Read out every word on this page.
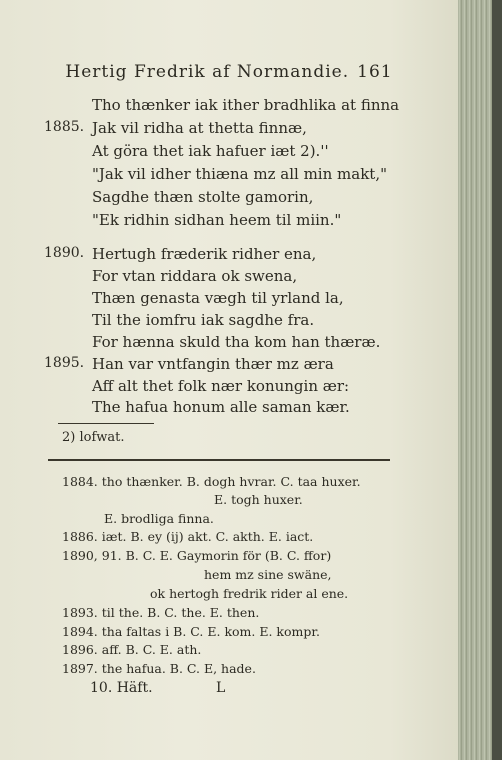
Hertig Fredrik af Normandie. 161
Tho thænker iak ither bradhlika at finna
1885. Jak vil ridha at thetta finnæ,
At göra thet iak hafuer iæt 2).''
"Jak vil idher thiæna mz all min makt,"
Sagdhe thæn stolte gamorin,
"Ek ridhin sidhan heem til miin."
1890. Hertugh fræderik ridher ena,
For vtan riddara ok swena,
Thæn genasta vægh til yrland la,
Til the iomfru iak sagdhe fra.
For hænna skuld tha kom han thæræ.
1895. Han var vntfangin thær mz æra
Aff alt thet folk nær konungin ær:
The hafua honum alle saman kær.
2) lofwat.
1884. tho thænker. B. dogh hvrar. C. taa huxer.
E. togh huxer.
E. brodliga finna.
1886. iæt. B. ey (ij) akt. C. akth. E. iact.
1890, 91. B. C. E. Gaymorin för (B. C. ffor)
hem mz sine swäne,
ok hertogh fredrik rider al ene.
1893. til the. B. C. the. E. then.
1894. tha faltas i B. C. E. kom. E. kompr.
1896. aff. B. C. E. ath.
1897. the hafua. B. C. E, hade.
10. Häft.	L
